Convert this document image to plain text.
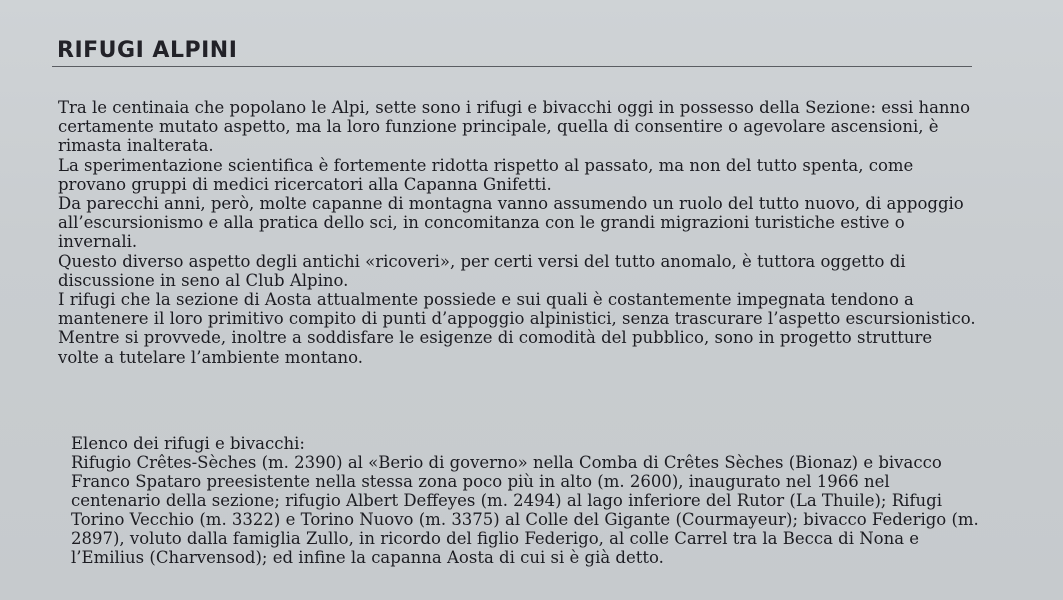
RIFUGI ALPINI

Tra le centinaia che popolano le Alpi, sette sono i rifugi e bivacchi oggi in possesso della Sezione: essi hanno certamente mutato aspetto, ma la loro funzione principale, quella di consentire o agevolare ascensioni, è rimasta inalterata.

La sperimentazione scientifica è fortemente ridotta rispetto al passato, ma non del tutto spenta, come provano gruppi di medici ricercatori alla Capanna Gnifetti.

Da parecchi anni, però, molte capanne di montagna vanno assumendo un ruolo del tutto nuovo, di appoggio all’escursionismo e alla pratica dello sci, in concomitanza con le grandi migrazioni turistiche estive o invernali.

Questo diverso aspetto degli antichi «ricoveri», per certi versi del tutto anomalo, è tuttora oggetto di discussione in seno al Club Alpino.

I rifugi che la sezione di Aosta attualmente possiede e sui quali è costantemente impegnata tendono a mantenere il loro primitivo compito di punti d’appoggio alpinistici, senza trascurare l’aspetto escursionistico.

Mentre si provvede, inoltre a soddisfare le esigenze di comodità del pubblico, sono in progetto strutture volte a tutelare l’ambiente montano.

Elenco dei rifugi e bivacchi:

Rifugio Crêtes-Sèches (m. 2390) al «Berio di governo» nella Comba di Crêtes Sèches (Bionaz) e bivacco Franco Spataro preesistente nella stessa zona poco più in alto (m. 2600), inaugurato nel 1966 nel centenario della sezione; rifugio Albert Deffeyes (m. 2494) al lago inferiore del Rutor (La Thuile); Rifugi Torino Vecchio (m. 3322) e Torino Nuovo (m. 3375) al Colle del Gigante (Courmayeur); bivacco Federigo (m. 2897), voluto dalla famiglia Zullo, in ricordo del figlio Federigo, al colle Carrel tra la Becca di Nona e l’Emilius (Charvensod); ed infine la capanna Aosta di cui si è già detto.
